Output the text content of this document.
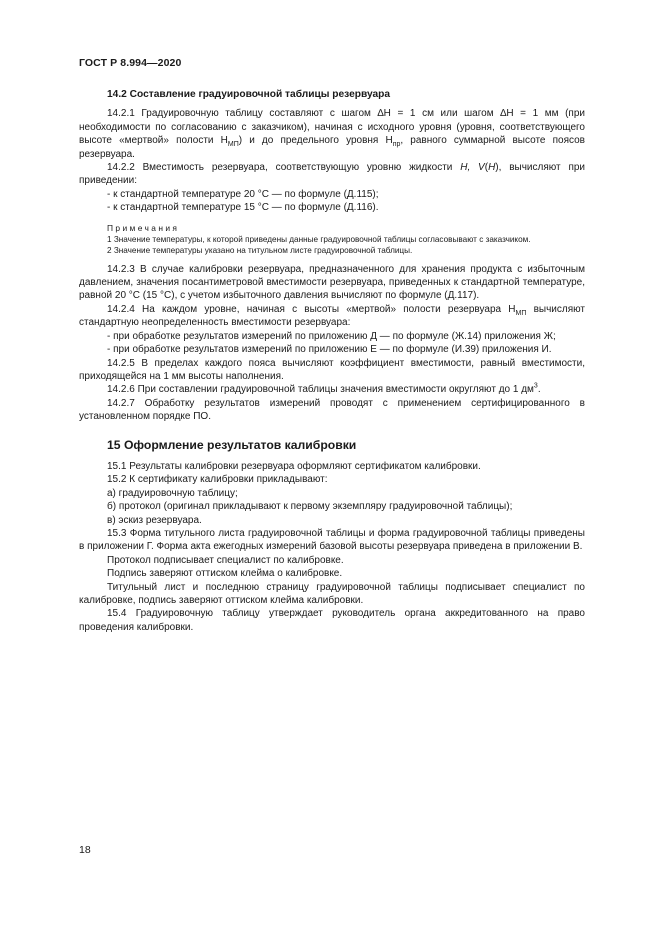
ГОСТ Р 8.994—2020

14.2 Составление градуировочной таблицы резервуара

14.2.1 Градуировочную таблицу составляют с шагом ∆H = 1 см или шагом ∆H = 1 мм (при необходимости по согласованию с заказчиком), начиная с исходного уровня (уровня, соответствующего высоте «мертвой» полости $H_{МП}$) и до предельного уровня $H_{пр}$, равного суммарной высоте поясов резервуара.

14.2.2 Вместимость резервуара, соответствующую уровню жидкости H, V(H), вычисляют при приведении:

- к стандартной температуре 20 °С — по формуле (Д.115);

- к стандартной температуре 15 °С — по формуле (Д.116).

Примечания

1 Значение температуры, к которой приведены данные градуировочной таблицы согласовывают с заказчиком.

2 Значение температуры указано на титульном листе градуировочной таблицы.

14.2.3 В случае калибровки резервуара, предназначенного для хранения продукта с избыточным давлением, значения посантиметровой вместимости резервуара, приведенных к стандартной температуре, равной 20 °С (15 °С), с учетом избыточного давления вычисляют по формуле (Д.117).

14.2.4 На каждом уровне, начиная с высоты «мертвой» полости резервуара $H_{МП}$ вычисляют стандартную неопределенность вместимости резервуара:

- при обработке результатов измерений по приложению Д — по формуле (Ж.14) приложения Ж;

- при обработке результатов измерений по приложению Е — по формуле (И.39) приложения И.

14.2.5 В пределах каждого пояса вычисляют коэффициент вместимости, равный вместимости, приходящейся на 1 мм высоты наполнения.

14.2.6 При составлении градуировочной таблицы значения вместимости округляют до 1 $дм^3$.

14.2.7 Обработку результатов измерений проводят с применением сертифицированного в установленном порядке ПО.

15 Оформление результатов калибровки

15.1 Результаты калибровки резервуара оформляют сертификатом калибровки.

15.2 К сертификату калибровки прикладывают:

а) градуировочную таблицу;

б) протокол (оригинал прикладывают к первому экземпляру градуировочной таблицы);

в) эскиз резервуара.

15.3 Форма титульного листа градуировочной таблицы и форма градуировочной таблицы приведены в приложении Г. Форма акта ежегодных измерений базовой высоты резервуара приведена в приложении В.

Протокол подписывает специалист по калибровке.

Подпись заверяют оттиском клейма о калибровке.

Титульный лист и последнюю страницу градуировочной таблицы подписывает специалист по калибровке, подпись заверяют оттиском клейма калибровки.

15.4 Градуировочную таблицу утверждает руководитель органа аккредитованного на право проведения калибровки.

18
